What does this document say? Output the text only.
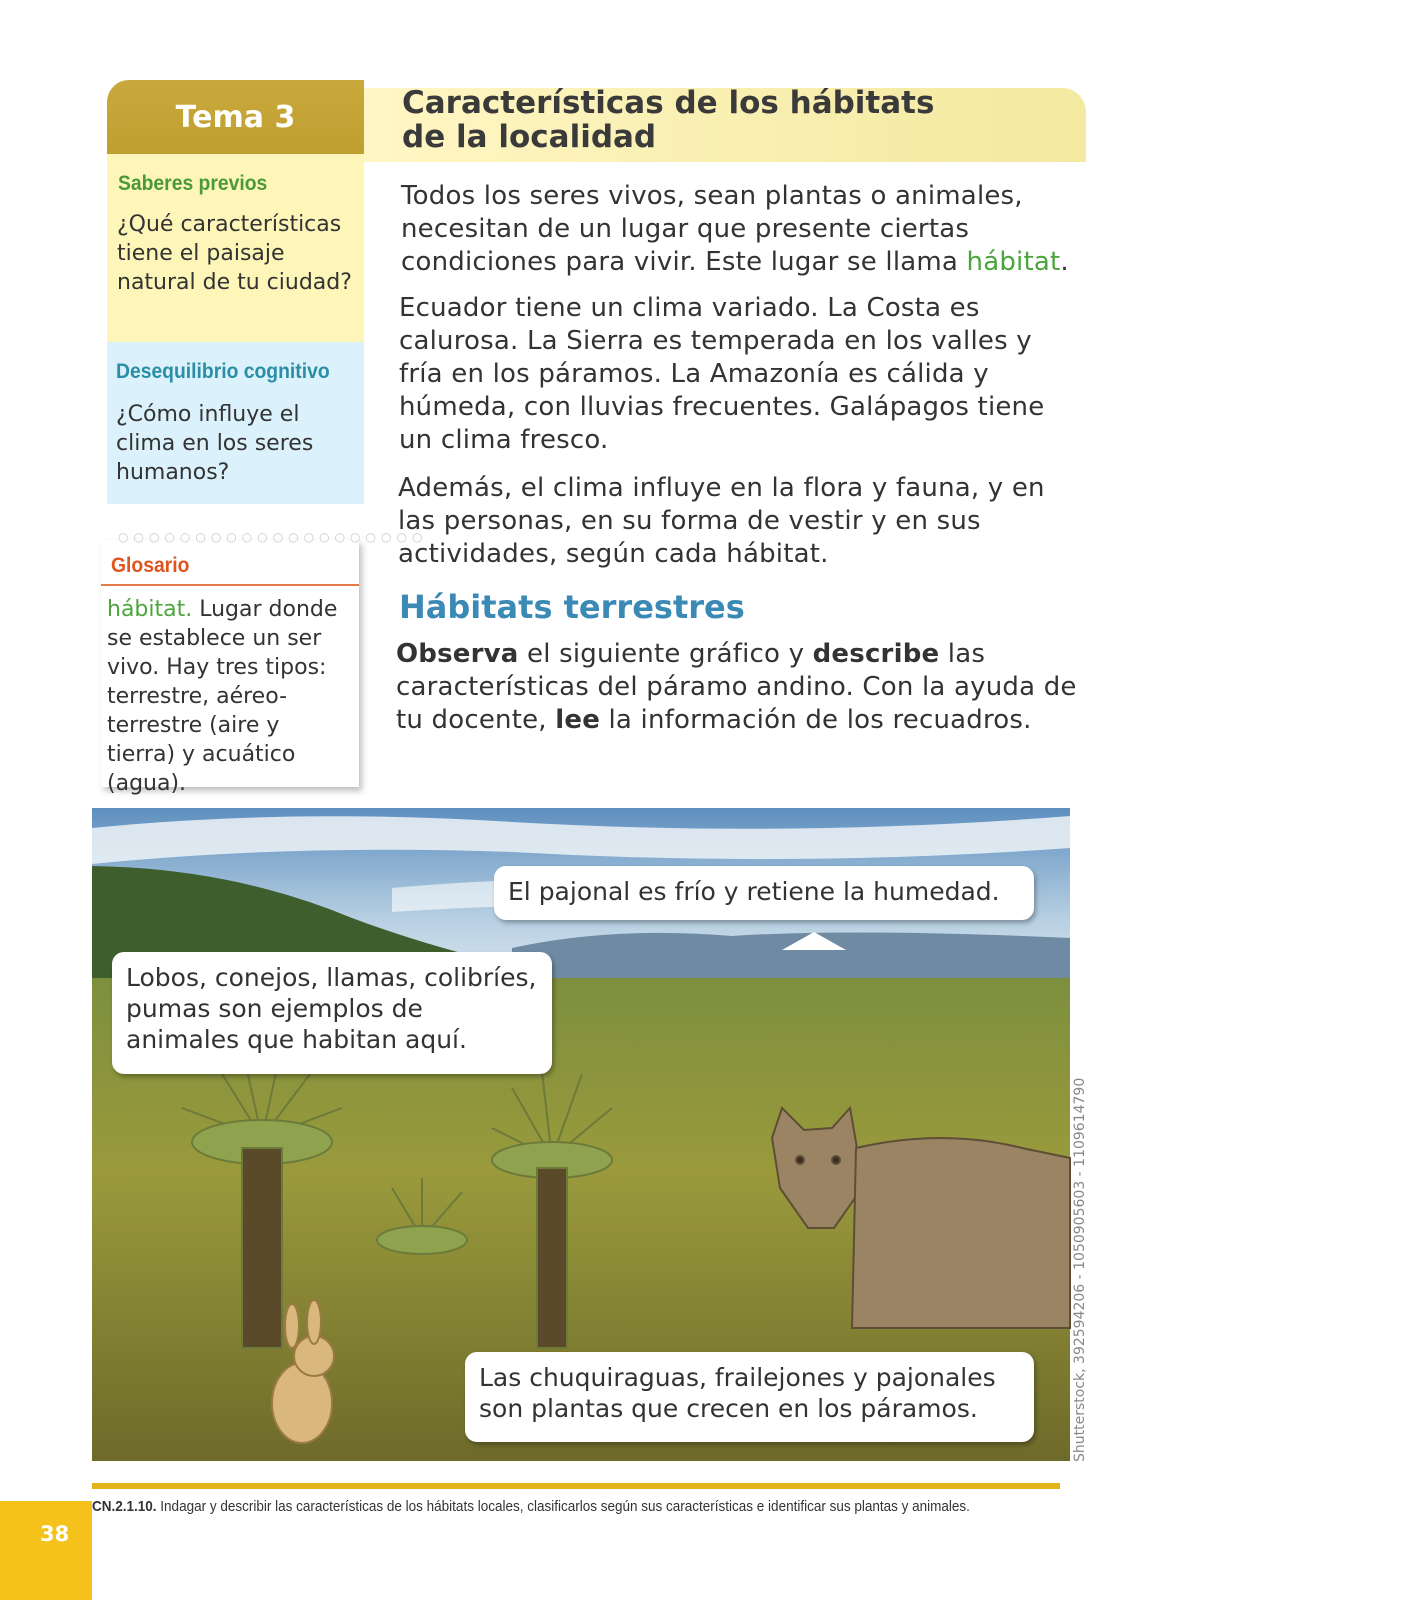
Tema 3	Características de los hábitats
de la localidad
Saberes previos
¿Qué características tiene el paisaje natural de tu ciudad?
Desequilibrio cognitivo
¿Cómo influye el clima en los seres humanos?
○○○○○○○○○○○○○○○○○○○○
Glosario
hábitat. Lugar donde se establece un ser vivo. Hay tres tipos: terrestre, aéreo-terrestre (aire y tierra) y acuático (agua).
Todos los seres vivos, sean plantas o animales, necesitan de un lugar que presente ciertas condiciones para vivir. Este lugar se llama hábitat.
Ecuador tiene un clima variado. La Costa es calurosa. La Sierra es temperada en los valles y fría en los páramos. La Amazonía es cálida y húmeda, con lluvias frecuentes. Galápagos tiene un clima fresco.
Además, el clima influye en la flora y fauna, y en las personas, en su forma de vestir y en sus actividades, según cada hábitat.
Hábitats terrestres
Observa el siguiente gráfico y describe las características del páramo andino. Con la ayuda de tu docente, lee la información de los recuadros.
El pajonal es frío y retiene la humedad.
Lobos, conejos, llamas, colibríes, pumas son ejemplos de animales que habitan aquí.
Las chuquiraguas, frailejones y pajonales son plantas que crecen en los páramos.	Shutterstock, 392594206 - 1050905603 - 1109614790
CN.2.1.10. Indagar y describir las características de los hábitats locales, clasificarlos según sus características e identificar sus plantas y animales.
38
